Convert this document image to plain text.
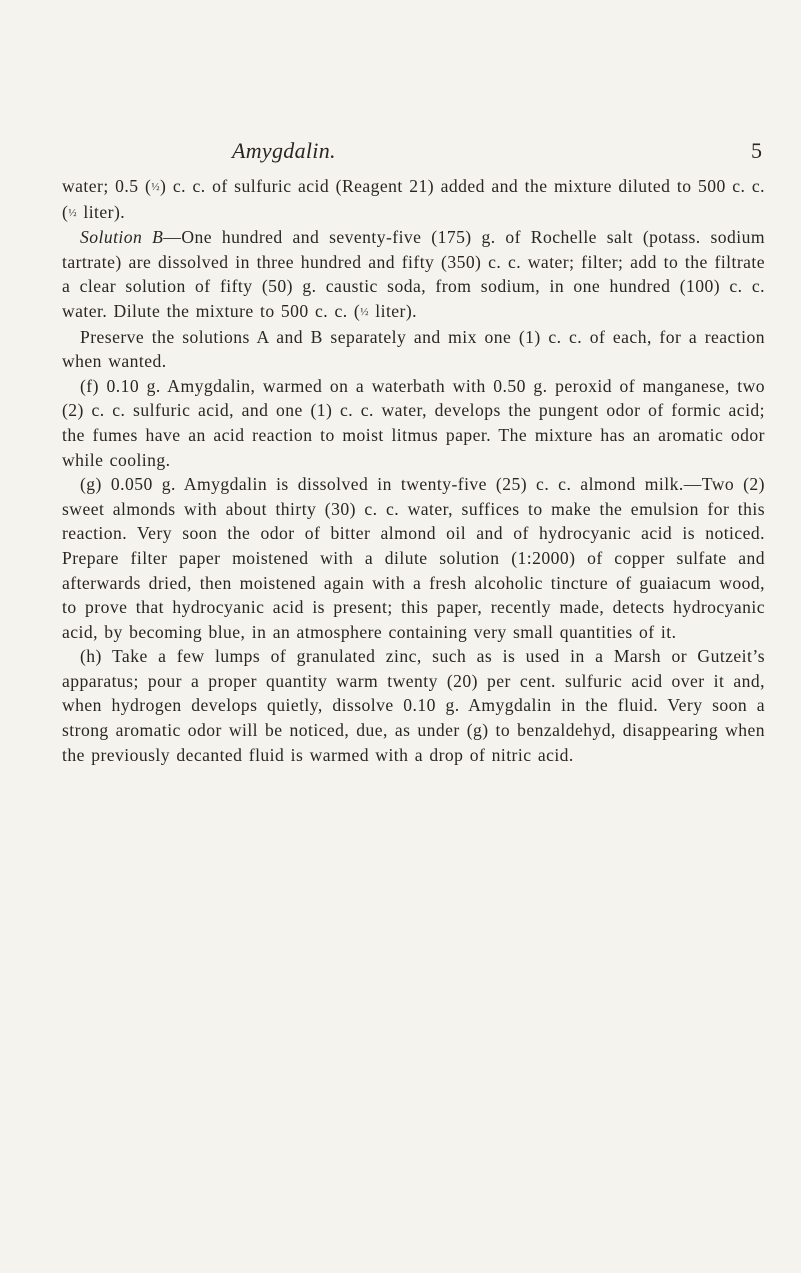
Amygdalin.	5

water; 0.5 (½) c. c. of sulfuric acid (Reagent 21) added and the mixture diluted to 500 c. c. (½ liter).

Solution B—One hundred and seventy-five (175) g. of Rochelle salt (potass. sodium tartrate) are dissolved in three hundred and fifty (350) c. c. water; filter; add to the filtrate a clear solution of fifty (50) g. caustic soda, from sodium, in one hundred (100) c. c. water. Dilute the mixture to 500 c. c. (½ liter).

Preserve the solutions A and B separately and mix one (1) c. c. of each, for a reaction when wanted.

(f) 0.10 g. Amygdalin, warmed on a waterbath with 0.50 g. peroxid of manganese, two (2) c. c. sulfuric acid, and one (1) c. c. water, develops the pungent odor of formic acid; the fumes have an acid reaction to moist litmus paper. The mixture has an aromatic odor while cooling.

(g) 0.050 g. Amygdalin is dissolved in twenty-five (25) c. c. almond milk.—Two (2) sweet almonds with about thirty (30) c. c. water, suffices to make the emulsion for this reaction. Very soon the odor of bitter almond oil and of hydrocyanic acid is noticed. Prepare filter paper moistened with a dilute solution (1:2000) of copper sulfate and afterwards dried, then moistened again with a fresh alcoholic tincture of guaiacum wood, to prove that hydrocyanic acid is present; this paper, recently made, detects hydrocyanic acid, by becoming blue, in an atmosphere containing very small quantities of it.

(h) Take a few lumps of granulated zinc, such as is used in a Marsh or Gutzeit’s apparatus; pour a proper quantity warm twenty (20) per cent. sulfuric acid over it and, when hydrogen develops quietly, dissolve 0.10 g. Amygdalin in the fluid. Very soon a strong aromatic odor will be noticed, due, as under (g) to benzaldehyd, disappearing when the previously decanted fluid is warmed with a drop of nitric acid.
